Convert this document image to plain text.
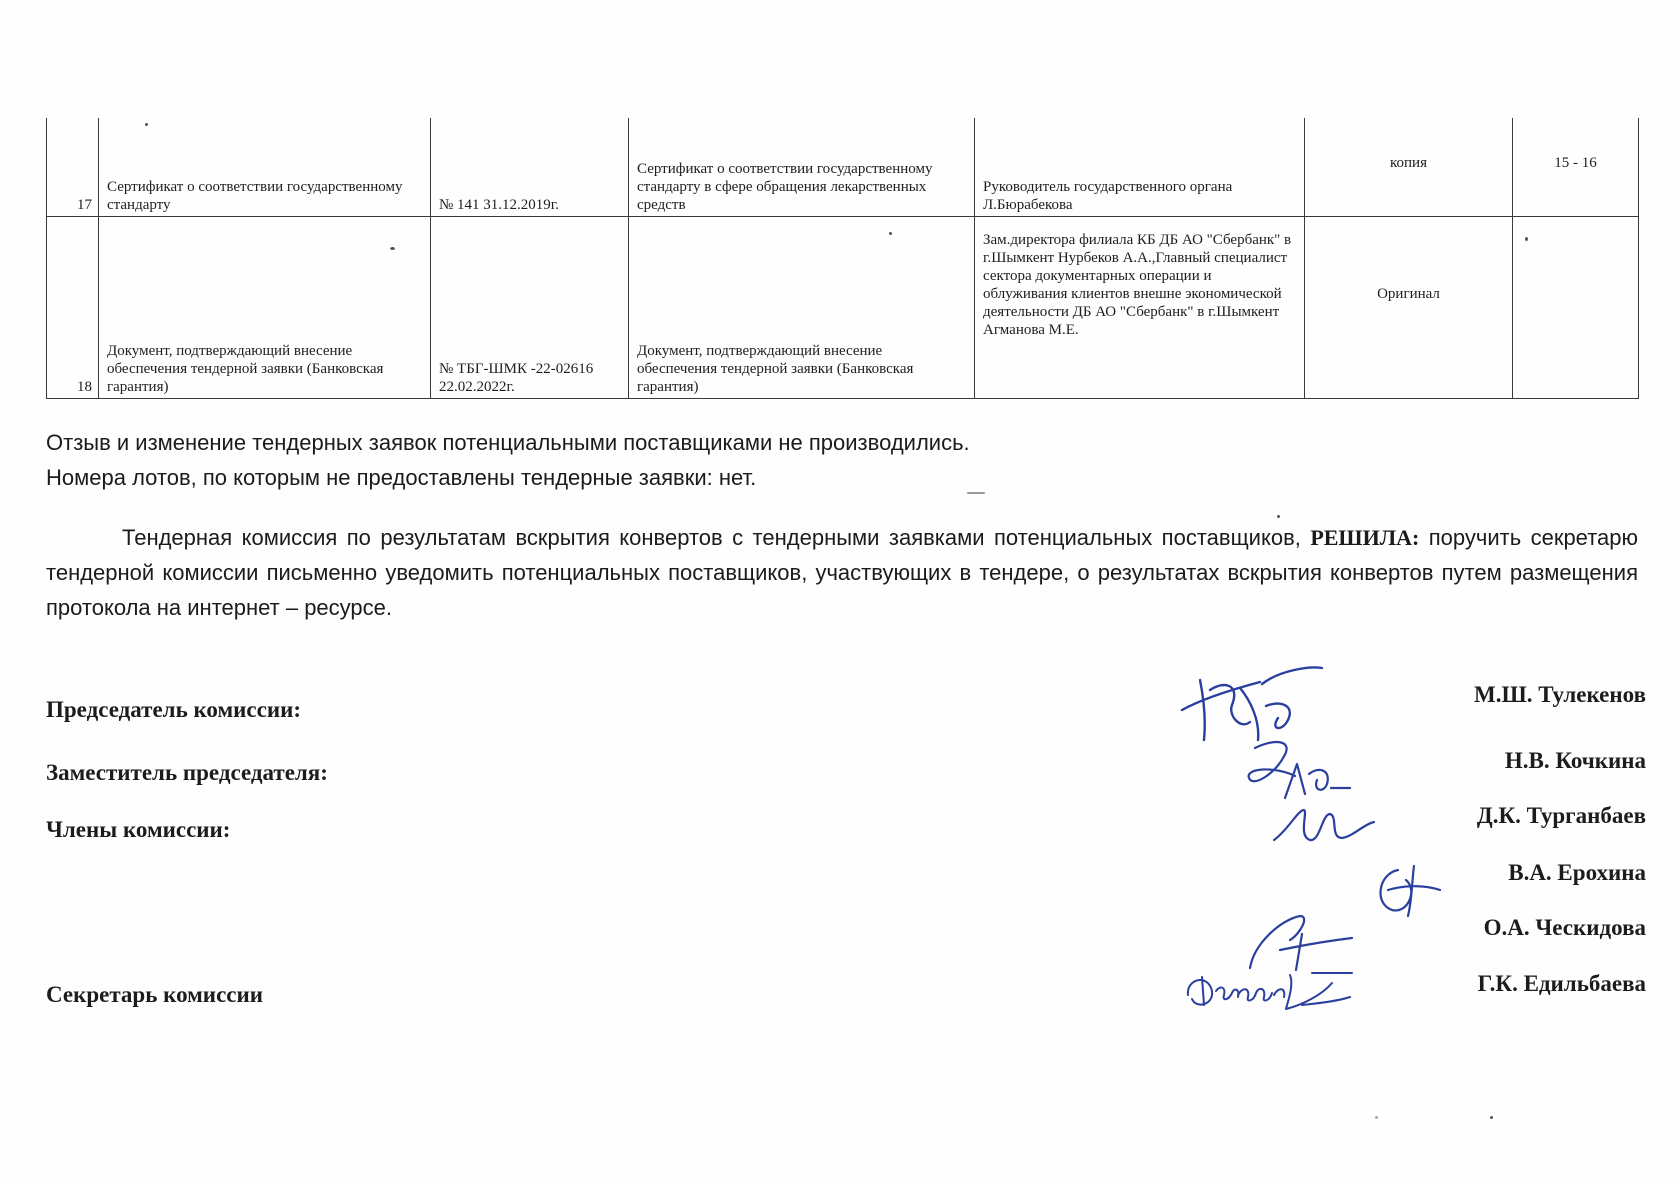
17	Сертификат о соответствии государственному стандарту	№ 141 31.12.2019г.	Сертификат о соответствии государственному стандарту в сфере обращения лекарственных средств	Руководитель государственного органа Л.Бюрабекова	копия	15 - 16
18	Документ, подтверждающий внесение обеспечения тендерной заявки (Банковская гарантия)	№ ТБГ-ШМК -22-02616 22.02.2022г.	Документ, подтверждающий внесение обеспечения тендерной заявки (Банковская гарантия)	Зам.директора филиала КБ ДБ АО "Сбербанк" в г.Шымкент Нурбеков А.А.,Главный специалист сектора документарных операции и облуживания клиентов внешне экономической деятельности ДБ АО "Сбербанк" в г.Шымкент Агманова М.Е.	Оригинал	

Отзыв и изменение тендерных заявок потенциальными поставщиками не производились.

Номера лотов, по которым не предоставлены тендерные заявки: нет.

Тендерная комиссия по результатам вскрытия конвертов с тендерными заявками потенциальных поставщиков, РЕШИЛА: поручить секретарю тендерной комиссии письменно уведомить потенциальных поставщиков, участвующих в тендере, о результатах вскрытия конвертов путем размещения протокола на интернет – ресурсе.

Председатель комиссии:

Заместитель председателя:

Члены комиссии:

Секретарь комиссии

М.Ш. Тулекенов

Н.В. Кочкина

Д.К. Турганбаев

В.А. Ерохина

О.А. Ческидова

Г.К. Едильбаева
